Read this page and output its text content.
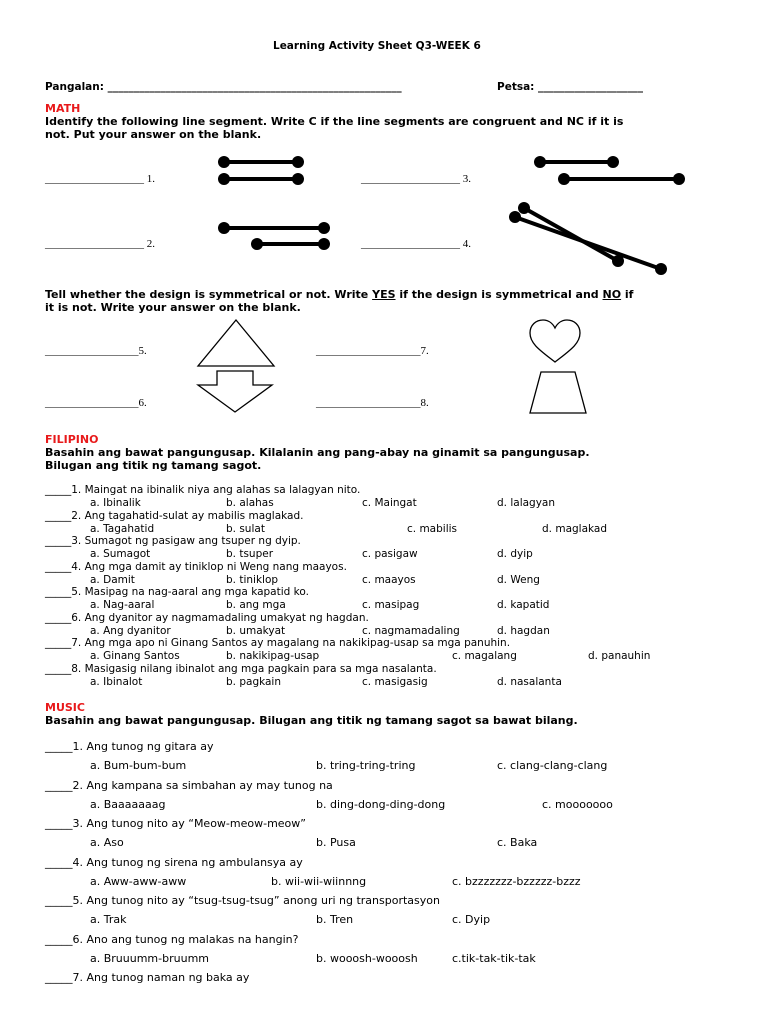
Learning Activity Sheet Q3-WEEK 6
Pangalan: ________________________________________________________	Petsa: ____________________
MATH
Identify the following line segment. Write C if the line segments are congruent and NC if it is
not. Put your answer on the blank.
__________________ 1.	__________________ 3.
__________________ 2.	__________________ 4.
Tell whether the design is symmetrical or not. Write YES if the design is symmetrical and NO if
it is not. Write your answer on the blank.
_________________5.	___________________7.
_________________6.	___________________8.
FILIPINO
Basahin ang bawat pangungusap. Kilalanin ang pang-abay na ginamit sa pangungusap.
Bilugan ang titik ng tamang sagot.
_____1. Maingat na ibinalik niya ang alahas sa lalagyan nito.
a. Ibinalik	b. alahas	c. Maingat	d. lalagyan
_____2. Ang tagahatid-sulat ay mabilis maglakad.
a. Tagahatid	b. sulat	c. mabilis	d. maglakad
_____3. Sumagot ng pasigaw ang tsuper ng dyip.
a. Sumagot	b. tsuper	c. pasigaw	d. dyip
_____4. Ang mga damit ay tiniklop ni Weng nang maayos.
a. Damit	b. tiniklop	c. maayos	d. Weng
_____5. Masipag na nag-aaral ang mga kapatid ko.
a. Nag-aaral	b. ang mga	c. masipag	d. kapatid
_____6. Ang dyanitor ay nagmamadaling umakyat ng hagdan.
a. Ang dyanitor	b. umakyat	c. nagmamadaling	d. hagdan
_____7. Ang mga apo ni Ginang Santos ay magalang na nakikipag-usap sa mga panuhin.
a. Ginang Santos	b. nakikipag-usap	c. magalang	d. panauhin
_____8. Masigasig nilang ibinalot ang mga pagkain para sa mga nasalanta.
a. Ibinalot	b. pagkain	c. masigasig	d. nasalanta
MUSIC
Basahin ang bawat pangungusap. Bilugan ang titik ng tamang sagot sa bawat bilang.
_____1. Ang tunog ng gitara ay
a. Bum-bum-bum	b. tring-tring-tring	c. clang-clang-clang
_____2. Ang kampana sa simbahan ay may tunog na
a. Baaaaaaag	b. ding-dong-ding-dong	c. mooooooo
_____3. Ang tunog nito ay “Meow-meow-meow”
a. Aso	b. Pusa	c. Baka
_____4. Ang tunog ng sirena ng ambulansya ay
a. Aww-aww-aww	b. wii-wii-wiinnng	c. bzzzzzzz-bzzzzz-bzzz
_____5. Ang tunog nito ay “tsug-tsug-tsug” anong uri ng transportasyon
a. Trak	b. Tren	c. Dyip
_____6. Ano ang tunog ng malakas na hangin?
a. Bruuumm-bruumm	b. wooosh-wooosh	c.tik-tak-tik-tak
_____7. Ang tunog naman ng baka ay
